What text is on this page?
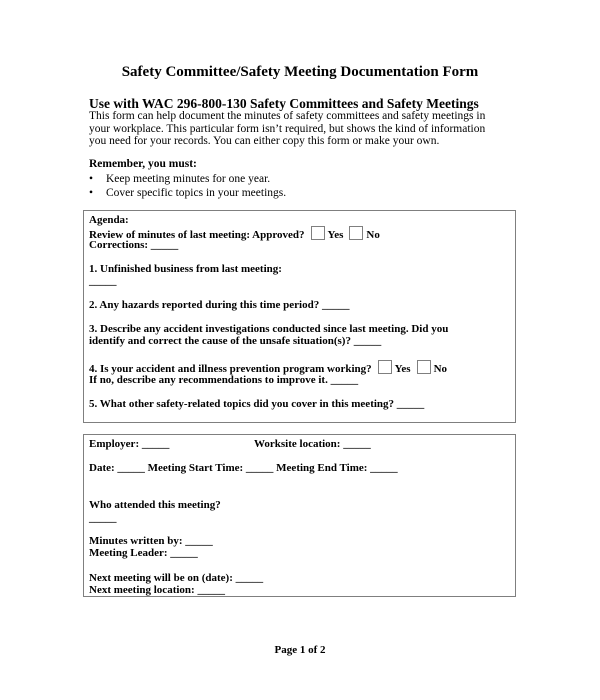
Safety Committee/Safety Meeting Documentation Form
Use with WAC 296-800-130 Safety Committees and Safety Meetings
This form can help document the minutes of safety committees and safety meetings in
your workplace. This particular form isn’t required, but shows the kind of information
you need for your records. You can either copy this form or make your own.
Remember, you must:
• Keep meeting minutes for one year.
• Cover specific topics in your meetings.
Agenda:
Review of minutes of last meeting: Approved? Yes No
Corrections: _____
1. Unfinished business from last meeting:
_____
2. Any hazards reported during this time period? _____
3. Describe any accident investigations conducted since last meeting. Did you
identify and correct the cause of the unsafe situation(s)? _____
4. Is your accident and illness prevention program working? Yes No
If no, describe any recommendations to improve it. _____
5. What other safety-related topics did you cover in this meeting? _____
Employer: _____	Worksite location: _____
Date: _____ Meeting Start Time: _____ Meeting End Time: _____
Who attended this meeting?
_____
Minutes written by: _____
Meeting Leader: _____
Next meeting will be on (date): _____
Next meeting location: _____
Page 1 of 2
